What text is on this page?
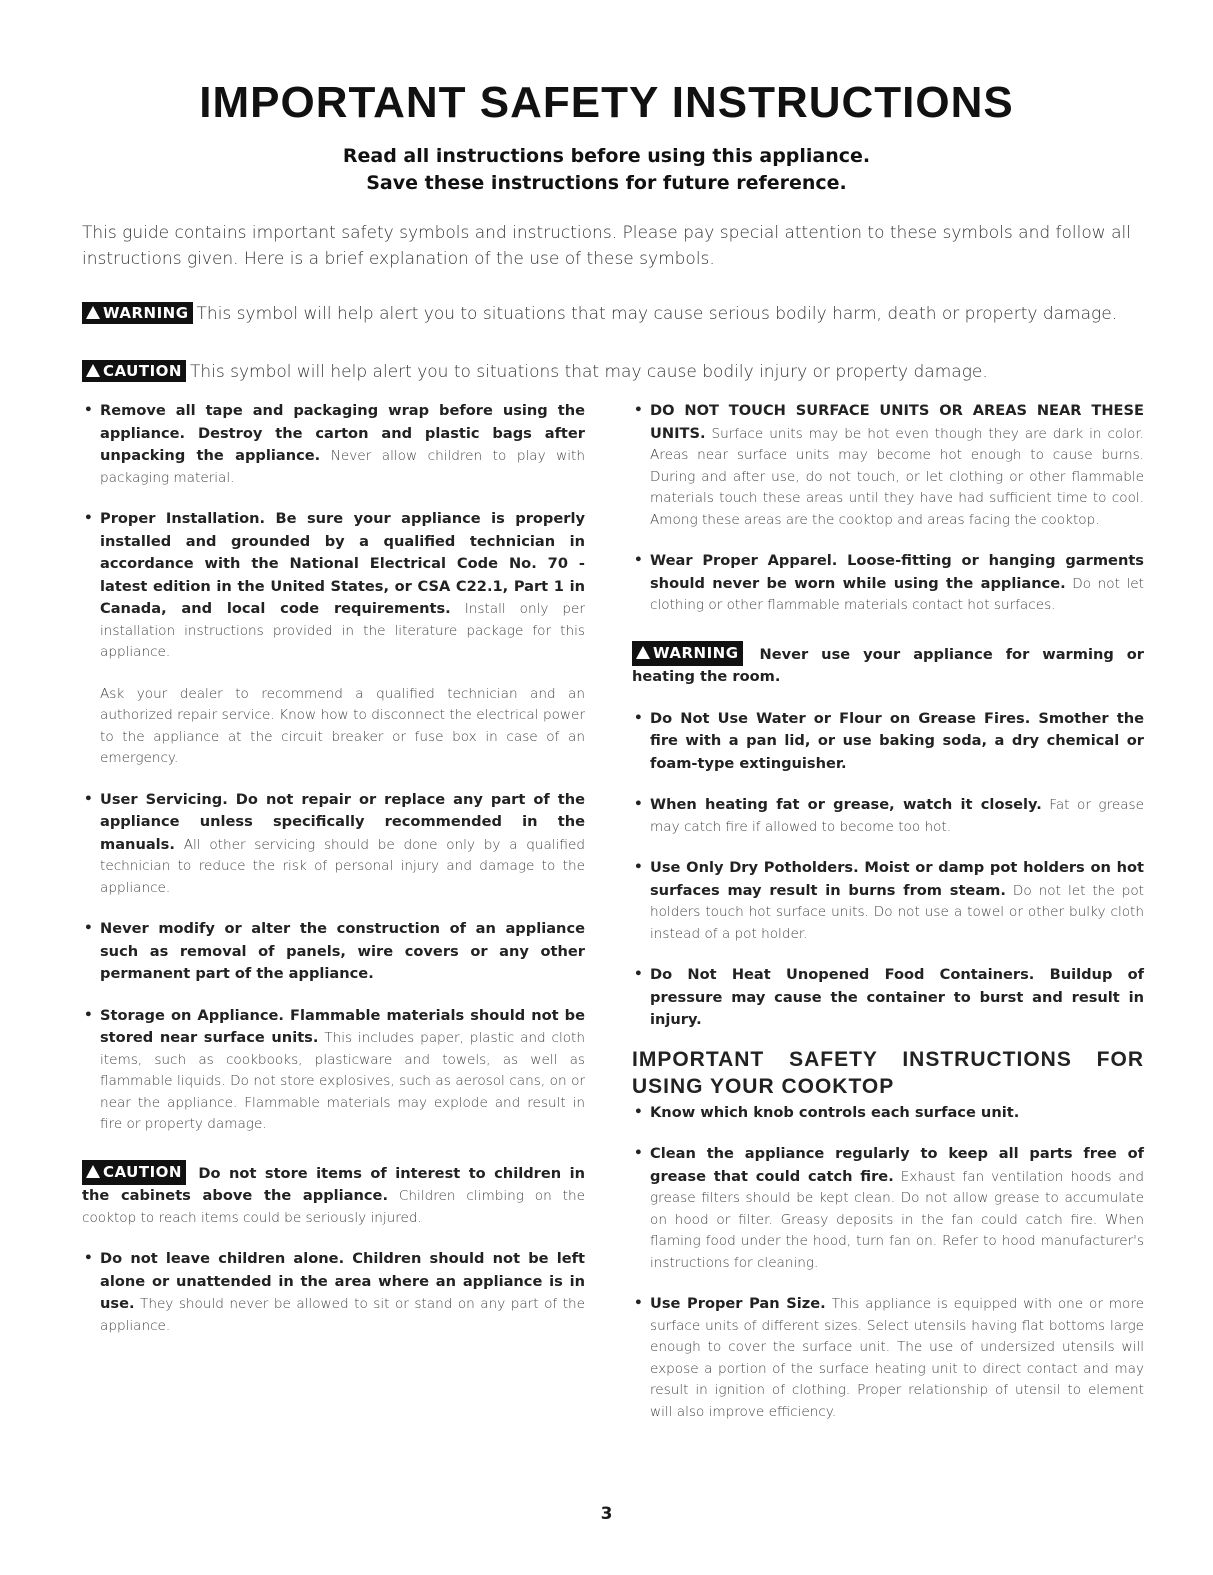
IMPORTANT SAFETY INSTRUCTIONS
Read all instructions before using this appliance.
Save these instructions for future reference.
This guide contains important safety symbols and instructions. Please pay special attention to these symbols and follow all instructions given. Here is a brief explanation of the use of these symbols.
WARNING This symbol will help alert you to situations that may cause serious bodily harm, death or property damage.
CAUTION This symbol will help alert you to situations that may cause bodily injury or property damage.
• Remove all tape and packaging wrap before using the appliance. Destroy the carton and plastic bags after unpacking the appliance. Never allow children to play with packaging material.
• Proper Installation. Be sure your appliance is properly installed and grounded by a qualified technician in accordance with the National Electrical Code No. 70 - latest edition in the United States, or CSA C22.1, Part 1 in Canada, and local code requirements. Install only per installation instructions provided in the literature package for this appliance.
Ask your dealer to recommend a qualified technician and an authorized repair service. Know how to disconnect the electrical power to the appliance at the circuit breaker or fuse box in case of an emergency.
• User Servicing. Do not repair or replace any part of the appliance unless specifically recommended in the manuals. All other servicing should be done only by a qualified technician to reduce the risk of personal injury and damage to the appliance.
• Never modify or alter the construction of an appliance such as removal of panels, wire covers or any other permanent part of the appliance.
• Storage on Appliance. Flammable materials should not be stored near surface units. This includes paper, plastic and cloth items, such as cookbooks, plasticware and towels, as well as flammable liquids. Do not store explosives, such as aerosol cans, on or near the appliance. Flammable materials may explode and result in fire or property damage.
CAUTION Do not store items of interest to children in the cabinets above the appliance. Children climbing on the cooktop to reach items could be seriously injured.
• Do not leave children alone. Children should not be left alone or unattended in the area where an appliance is in use. They should never be allowed to sit or stand on any part of the appliance.
• DO NOT TOUCH SURFACE UNITS OR AREAS NEAR THESE UNITS. Surface units may be hot even though they are dark in color. Areas near surface units may become hot enough to cause burns. During and after use, do not touch, or let clothing or other flammable materials touch these areas until they have had sufficient time to cool. Among these areas are the cooktop and areas facing the cooktop.
• Wear Proper Apparel. Loose-fitting or hanging garments should never be worn while using the appliance. Do not let clothing or other flammable materials contact hot surfaces.
WARNING Never use your appliance for warming or heating the room.
• Do Not Use Water or Flour on Grease Fires. Smother the fire with a pan lid, or use baking soda, a dry chemical or foam-type extinguisher.
• When heating fat or grease, watch it closely. Fat or grease may catch fire if allowed to become too hot.
• Use Only Dry Potholders. Moist or damp pot holders on hot surfaces may result in burns from steam. Do not let the pot holders touch hot surface units. Do not use a towel or other bulky cloth instead of a pot holder.
• Do Not Heat Unopened Food Containers. Buildup of pressure may cause the container to burst and result in injury.
IMPORTANT SAFETY INSTRUCTIONS FOR USING YOUR COOKTOP
• Know which knob controls each surface unit.
• Clean the appliance regularly to keep all parts free of grease that could catch fire. Exhaust fan ventilation hoods and grease filters should be kept clean. Do not allow grease to accumulate on hood or filter. Greasy deposits in the fan could catch fire. When flaming food under the hood, turn fan on. Refer to hood manufacturer's instructions for cleaning.
• Use Proper Pan Size. This appliance is equipped with one or more surface units of different sizes. Select utensils having flat bottoms large enough to cover the surface unit. The use of undersized utensils will expose a portion of the surface heating unit to direct contact and may result in ignition of clothing. Proper relationship of utensil to element will also improve efficiency.
3
